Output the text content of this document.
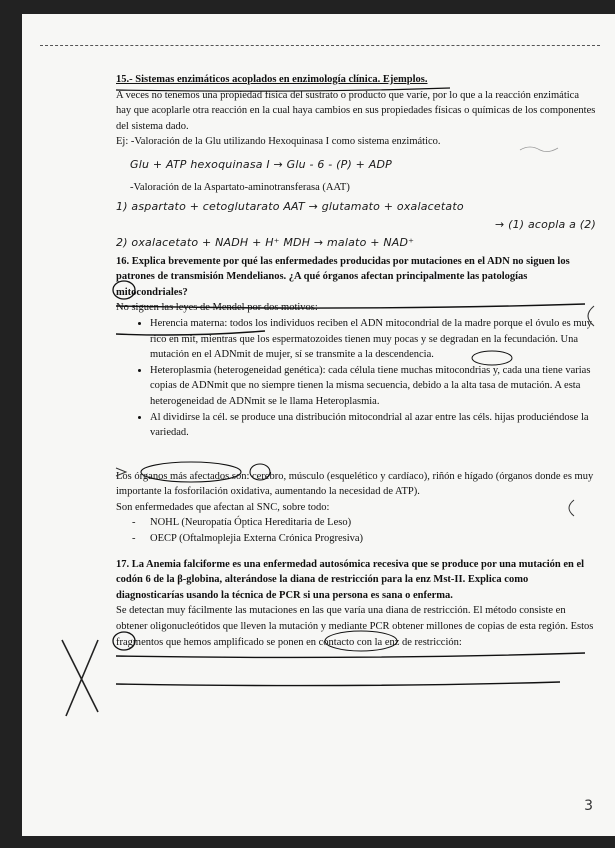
15.- Sistemas enzimáticos acoplados en enzimología clínica. Ejemplos.

A veces no tenemos una propiedad física del sustrato o producto que varíe, por lo que a la reacción enzimática hay que acoplarle otra reacción en la cual haya cambios en sus propiedades físicas o químicas de los componentes del sistema dado.

Ej: -Valoración de la Glu utilizando Hexoquinasa I como sistema enzimático.

Glu + ATP hexoquinasa I → Glu - 6 - (P) + ADP

-Valoración de la Aspartato-aminotransferasa (AAT)

1) aspartato + cetoglutarato AAT → glutamato + oxalacetato
→ (1) acopla a (2)
2) oxalacetato + NADH + H⁺ MDH → malato + NAD⁺

16. Explica brevemente por qué las enfermedades producidas por mutaciones en el ADN no siguen los patrones de transmisión Mendelianos. ¿A qué órganos afectan principalmente las patologías mitocondriales?

No siguen las leyes de Mendel por dos motivos:

• Herencia materna: todos los individuos reciben el ADN mitocondrial de la madre porque el óvulo es muy rico en mit, mientras que los espermatozoides tienen muy pocas y se degradan en la fecundación. Una mutación en el ADNmit de mujer, sí se transmite a la descendencia.
• Heteroplasmia (heterogeneidad genética): cada célula tiene muchas mitocondrias y, cada una tiene varias copias de ADNmit que no siempre tienen la misma secuencia, debido a la alta tasa de mutación. A esta heterogeneidad de ADNmit se le llama Heteroplasmia.
• Al dividirse la cél. se produce una distribución mitocondrial al azar entre las céls. hijas produciéndose la variedad.

Los órganos más afectados son: cerebro, músculo (esquelético y cardíaco), riñón e hígado (órganos donde es muy importante la fosforilación oxidativa, aumentando la necesidad de ATP).

Son enfermedades que afectan al SNC, sobre todo:

- NOHL (Neuropatía Óptica Hereditaria de Leso)
- OECP (Oftalmoplejia Externa Crónica Progresiva)

17. La Anemia falciforme es una enfermedad autosómica recesiva que se produce por una mutación en el codón 6 de la β-globina, alterándose la diana de restricción para la enz Mst-II. Explica como diagnosticarías usando la técnica de PCR si una persona es sana o enferma.

Se detectan muy fácilmente las mutaciones en las que varía una diana de restricción. El método consiste en obtener oligonucleótidos que lleven la mutación y mediante PCR obtener millones de copias de esta región. Estos fragmentos que hemos amplificado se ponen en contacto con la enz de restricción:

3
